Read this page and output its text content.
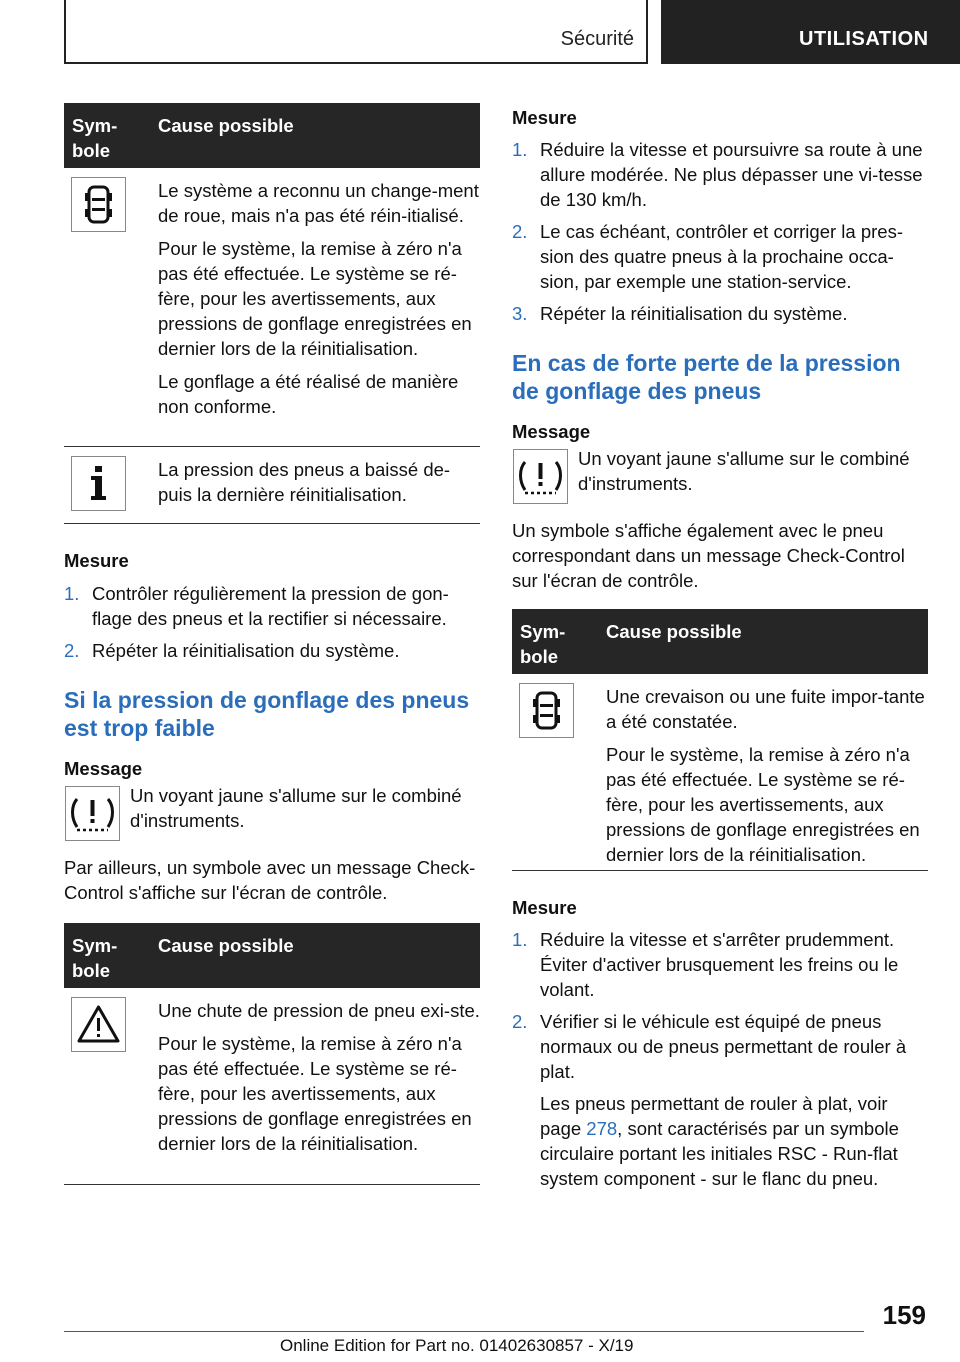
Sécurité	UTILISATION
Sym-
bole
Cause possible

Le système a reconnu un change-ment de roue, mais n'a pas été réin-itialisé.

Pour le système, la remise à zéro n'a pas été effectuée. Le système se ré-fère, pour les avertissements, aux pressions de gonflage enregistrées en dernier lors de la réinitialisation.

Le gonflage a été réalisé de manière non conforme.

La pression des pneus a baissé de-puis la dernière réinitialisation.

Mesure

1. Contrôler régulièrement la pression de gon-flage des pneus et la rectifier si nécessaire.
2. Répéter la réinitialisation du système.

Si la pression de gonflage des pneus est trop faible

Message

Un voyant jaune s'allume sur le combiné d'instruments.
Par ailleurs, un symbole avec un message Check-Control s'affiche sur l'écran de contrôle.
Sym-
bole
Cause possible

Une chute de pression de pneu exi-ste.

Pour le système, la remise à zéro n'a pas été effectuée. Le système se ré-fère, pour les avertissements, aux pressions de gonflage enregistrées en dernier lors de la réinitialisation.

Mesure

1. Réduire la vitesse et poursuivre sa route à une allure modérée. Ne plus dépasser une vi-tesse de 130 km/h.
2. Le cas échéant, contrôler et corriger la pres-sion des quatre pneus à la prochaine occa-sion, par exemple une station-service.
3. Répéter la réinitialisation du système.

En cas de forte perte de la pression de gonflage des pneus

Message

Un voyant jaune s'allume sur le combiné d'instruments.
Un symbole s'affiche également avec le pneu correspondant dans un message Check-Control sur l'écran de contrôle.
Sym-
bole
Cause possible

Une crevaison ou une fuite impor-tante a été constatée.

Pour le système, la remise à zéro n'a pas été effectuée. Le système se ré-fère, pour les avertissements, aux pressions de gonflage enregistrées en dernier lors de la réinitialisation.

Mesure

1. Réduire la vitesse et s'arrêter prudemment. Éviter d'activer brusquement les freins ou le volant.
2. Vérifier si le véhicule est équipé de pneus normaux ou de pneus permettant de rouler à plat.

Les pneus permettant de rouler à plat, voir page 278, sont caractérisés par un symbole circulaire portant les initiales RSC - Run-flat system component - sur le flanc du pneu.
159
Online Edition for Part no. 01402630857 - X/19
